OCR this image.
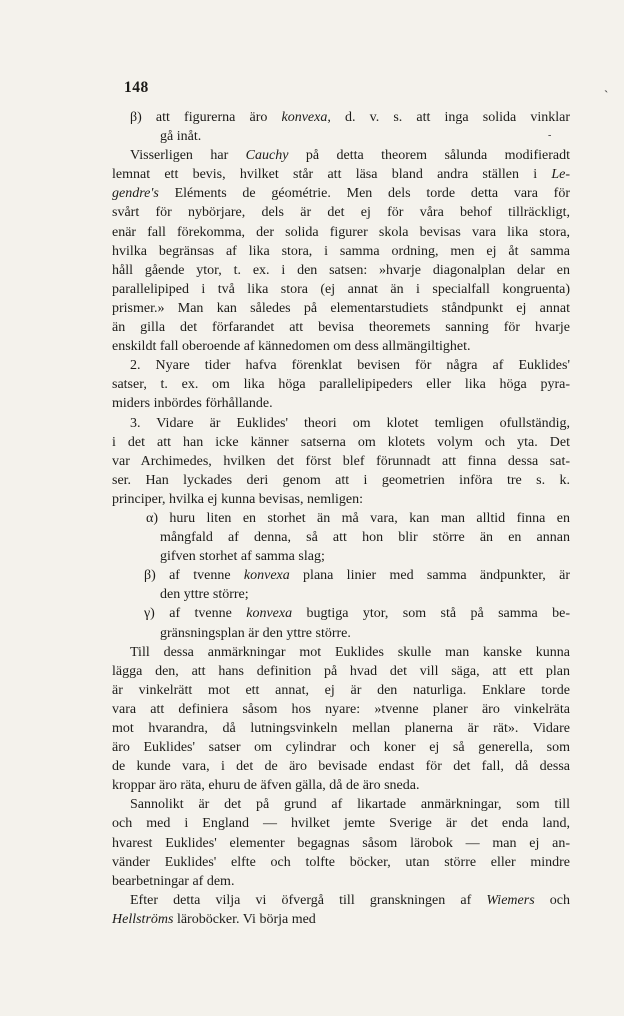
148	ˎ
-
β) att figurerna äro konvexa, d. v. s. att inga solida vinklar
gå inåt.
Visserligen har Cauchy på detta theorem sålunda modifieradt
lemnat ett bevis, hvilket står att läsa bland andra ställen i Le-
gendre's Eléments de géométrie. Men dels torde detta vara för
svårt för nybörjare, dels är det ej för våra behof tillräckligt,
enär fall förekomma, der solida figurer skola bevisas vara lika stora,
hvilka begränsas af lika stora, i samma ordning, men ej åt samma
håll gående ytor, t. ex. i den satsen: »hvarje diagonalplan delar en
parallelipiped i två lika stora (ej annat än i specialfall kongruenta)
prismer.» Man kan således på elementarstudiets ståndpunkt ej annat
än gilla det förfarandet att bevisa theoremets sanning för hvarje
enskildt fall oberoende af kännedomen om dess allmängiltighet.
2. Nyare tider hafva förenklat bevisen för några af Euklides'
satser, t. ex. om lika höga parallelipipeders eller lika höga pyra-
miders inbördes förhållande.
3. Vidare är Euklides' theori om klotet temligen ofullständig,
i det att han icke känner satserna om klotets volym och yta. Det
var Archimedes, hvilken det först blef förunnadt att finna dessa sat-
ser. Han lyckades deri genom att i geometrien införa tre s. k.
principer, hvilka ej kunna bevisas, nemligen:
α) huru liten en storhet än må vara, kan man alltid finna en
mångfald af denna, så att hon blir större än en annan
gifven storhet af samma slag;
β) af tvenne konvexa plana linier med samma ändpunkter, är
den yttre större;
γ) af tvenne konvexa bugtiga ytor, som stå på samma be-
gränsningsplan är den yttre större.
Till dessa anmärkningar mot Euklides skulle man kanske kunna
lägga den, att hans definition på hvad det vill säga, att ett plan
är vinkelrätt mot ett annat, ej är den naturliga. Enklare torde
vara att definiera såsom hos nyare: »tvenne planer äro vinkelräta
mot hvarandra, då lutningsvinkeln mellan planerna är rät». Vidare
äro Euklides' satser om cylindrar och koner ej så generella, som
de kunde vara, i det de äro bevisade endast för det fall, då dessa
kroppar äro räta, ehuru de äfven gälla, då de äro sneda.
Sannolikt är det på grund af likartade anmärkningar, som till
och med i England — hvilket jemte Sverige är det enda land,
hvarest Euklides' elementer begagnas såsom lärobok — man ej an-
vänder Euklides' elfte och tolfte böcker, utan större eller mindre
bearbetningar af dem.
Efter detta vilja vi öfvergå till granskningen af Wiemers och
Hellströms läroböcker. Vi börja med
